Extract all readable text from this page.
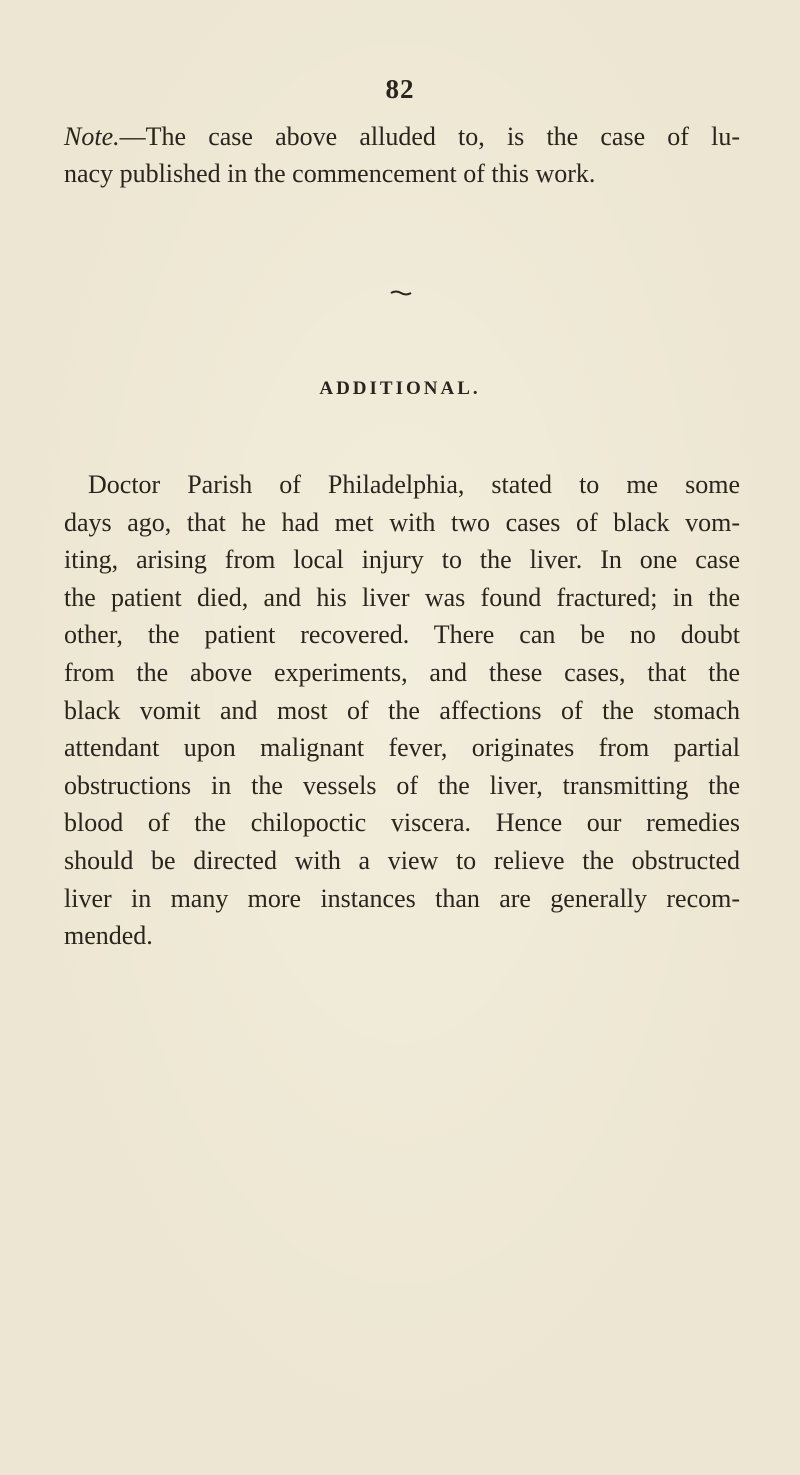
82
Note.—The case above alluded to, is the case of lu-
nacy published in the commencement of this work.
ADDITIONAL.
Doctor Parish of Philadelphia, stated to me some
days ago, that he had met with two cases of black vom-
iting, arising from local injury to the liver. In one case
the patient died, and his liver was found fractured; in the
other, the patient recovered. There can be no doubt
from the above experiments, and these cases, that the
black vomit and most of the affections of the stomach
attendant upon malignant fever, originates from partial
obstructions in the vessels of the liver, transmitting the
blood of the chilopoctic viscera. Hence our remedies
should be directed with a view to relieve the obstructed
liver in many more instances than are generally recom-
mended.
